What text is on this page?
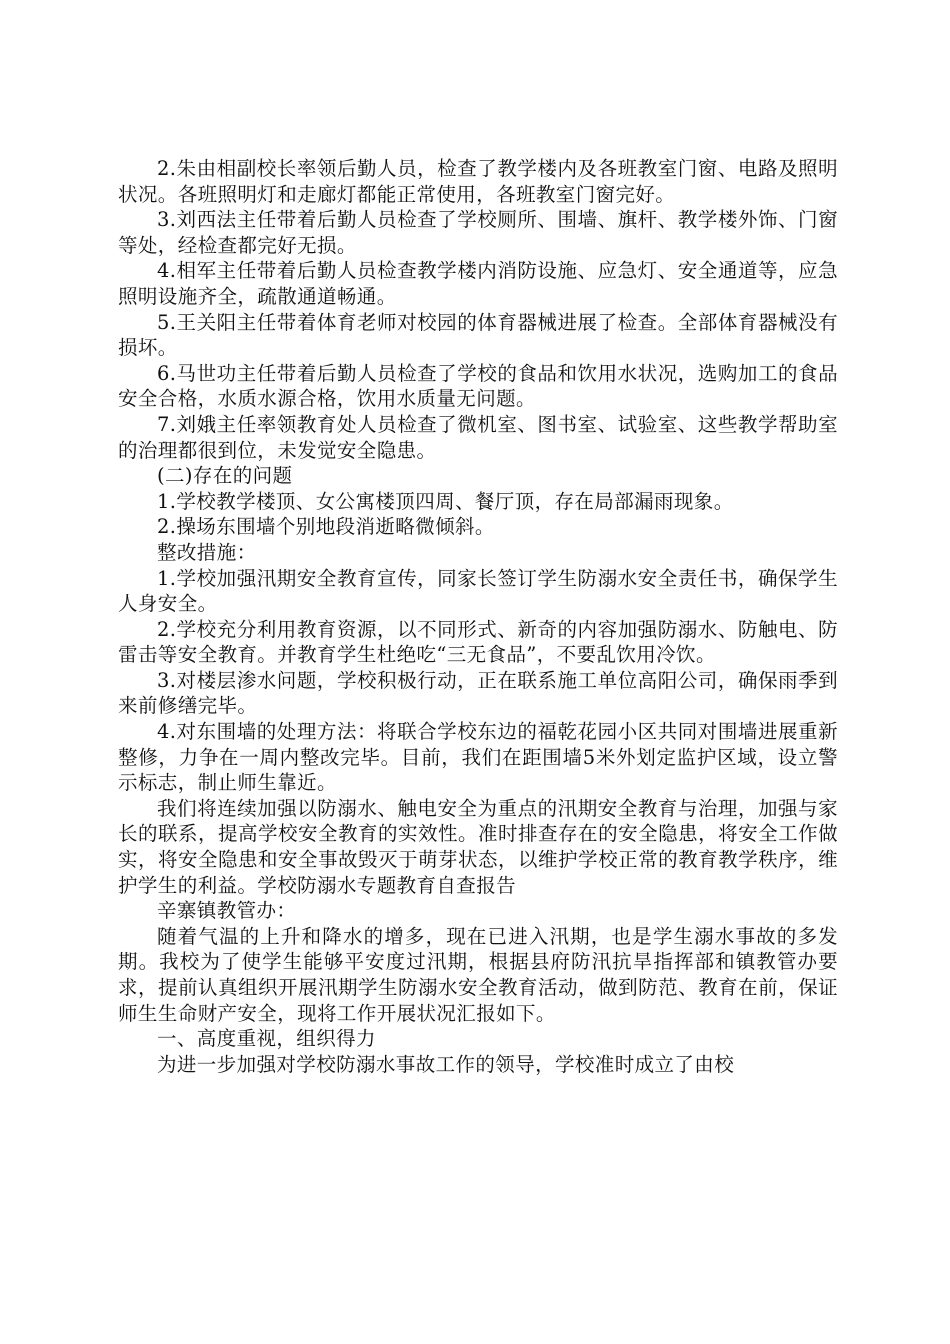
2.朱由相副校长率领后勤人员，检查了教学楼内及各班教室门窗、电路及照明状况。各班照明灯和走廊灯都能正常使用，各班教室门窗完好。

3.刘西法主任带着后勤人员检查了学校厕所、围墙、旗杆、教学楼外饰、门窗等处，经检查都完好无损。

4.相军主任带着后勤人员检查教学楼内消防设施、应急灯、安全通道等，应急照明设施齐全，疏散通道畅通。

5.王关阳主任带着体育老师对校园的体育器械进展了检查。全部体育器械没有损坏。

6.马世功主任带着后勤人员检查了学校的食品和饮用水状况，选购加工的食品安全合格，水质水源合格，饮用水质量无问题。

7.刘娥主任率领教育处人员检查了微机室、图书室、试验室、这些教学帮助室的治理都很到位，未发觉安全隐患。

(二)存在的问题

1.学校教学楼顶、女公寓楼顶四周、餐厅顶，存在局部漏雨现象。

2.操场东围墙个别地段消逝略微倾斜。

整改措施：

1.学校加强汛期安全教育宣传，同家长签订学生防溺水安全责任书，确保学生人身安全。

2.学校充分利用教育资源，以不同形式、新奇的内容加强防溺水、防触电、防雷击等安全教育。并教育学生杜绝吃“三无食品”，不要乱饮用冷饮。

3.对楼层渗水问题，学校积极行动，正在联系施工单位高阳公司，确保雨季到来前修缮完毕。

4.对东围墙的处理方法：将联合学校东边的福乾花园小区共同对围墙进展重新整修，力争在一周内整改完毕。目前，我们在距围墙5米外划定监护区域，设立警示标志，制止师生靠近。

我们将连续加强以防溺水、触电安全为重点的汛期安全教育与治理，加强与家长的联系，提高学校安全教育的实效性。准时排查存在的安全隐患，将安全工作做实，将安全隐患和安全事故毁灭于萌芽状态，以维护学校正常的教育教学秩序，维护学生的利益。学校防溺水专题教育自查报告

辛寨镇教管办：

随着气温的上升和降水的增多，现在已进入汛期，也是学生溺水事故的多发期。我校为了使学生能够平安度过汛期，根据县府防汛抗旱指挥部和镇教管办要求，提前认真组织开展汛期学生防溺水安全教育活动，做到防范、教育在前，保证师生生命财产安全，现将工作开展状况汇报如下。

一、高度重视，组织得力

为进一步加强对学校防溺水事故工作的领导，学校准时成立了由校
